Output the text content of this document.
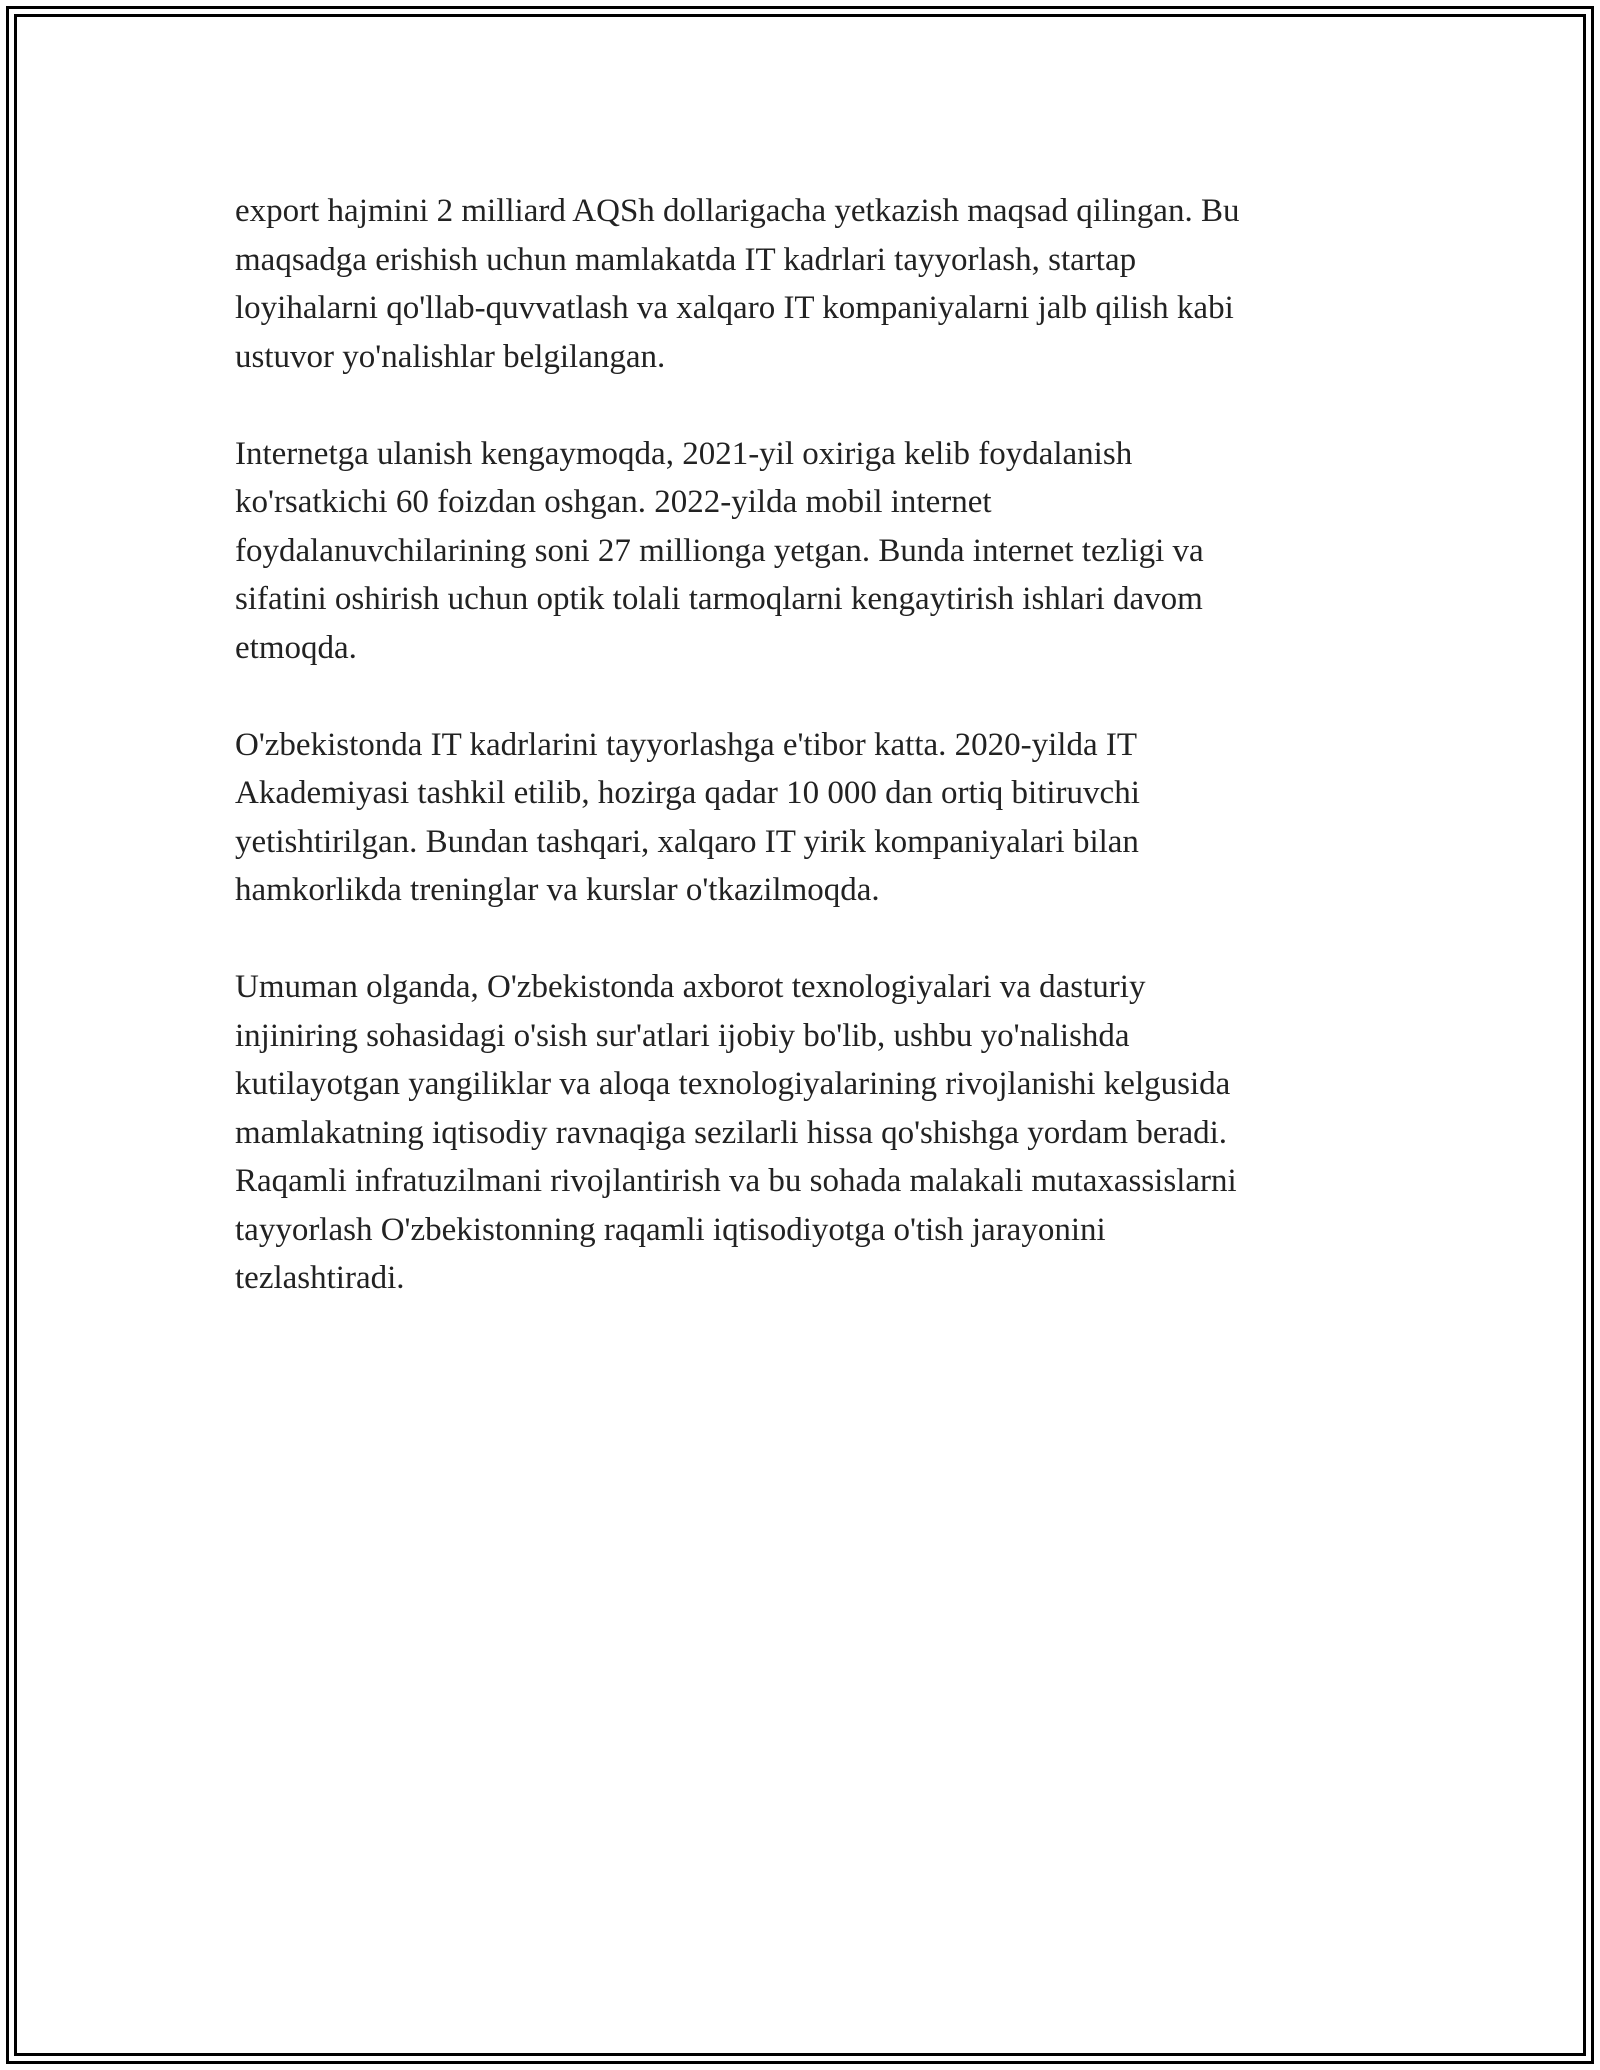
export hajmini 2 milliard AQSh dollarigacha yetkazish maqsad qilingan. Bu
maqsadga erishish uchun mamlakatda IT kadrlari tayyorlash, startap
loyihalarni qo'llab-quvvatlash va xalqaro IT kompaniyalarni jalb qilish kabi
ustuvor yo'nalishlar belgilangan.

Internetga ulanish kengaymoqda, 2021-yil oxiriga kelib foydalanish
ko'rsatkichi 60 foizdan oshgan. 2022-yilda mobil internet
foydalanuvchilarining soni 27 millionga yetgan. Bunda internet tezligi va
sifatini oshirish uchun optik tolali tarmoqlarni kengaytirish ishlari davom
etmoqda.

O'zbekistonda IT kadrlarini tayyorlashga e'tibor katta. 2020-yilda IT
Akademiyasi tashkil etilib, hozirga qadar 10 000 dan ortiq bitiruvchi
yetishtirilgan. Bundan tashqari, xalqaro IT yirik kompaniyalari bilan
hamkorlikda treninglar va kurslar o'tkazilmoqda.

Umuman olganda, O'zbekistonda axborot texnologiyalari va dasturiy
injiniring sohasidagi o'sish sur'atlari ijobiy bo'lib, ushbu yo'nalishda
kutilayotgan yangiliklar va aloqa texnologiyalarining rivojlanishi kelgusida
mamlakatning iqtisodiy ravnaqiga sezilarli hissa qo'shishga yordam beradi.
Raqamli infratuzilmani rivojlantirish va bu sohada malakali mutaxassislarni
tayyorlash O'zbekistonning raqamli iqtisodiyotga o'tish jarayonini
tezlashtiradi.
